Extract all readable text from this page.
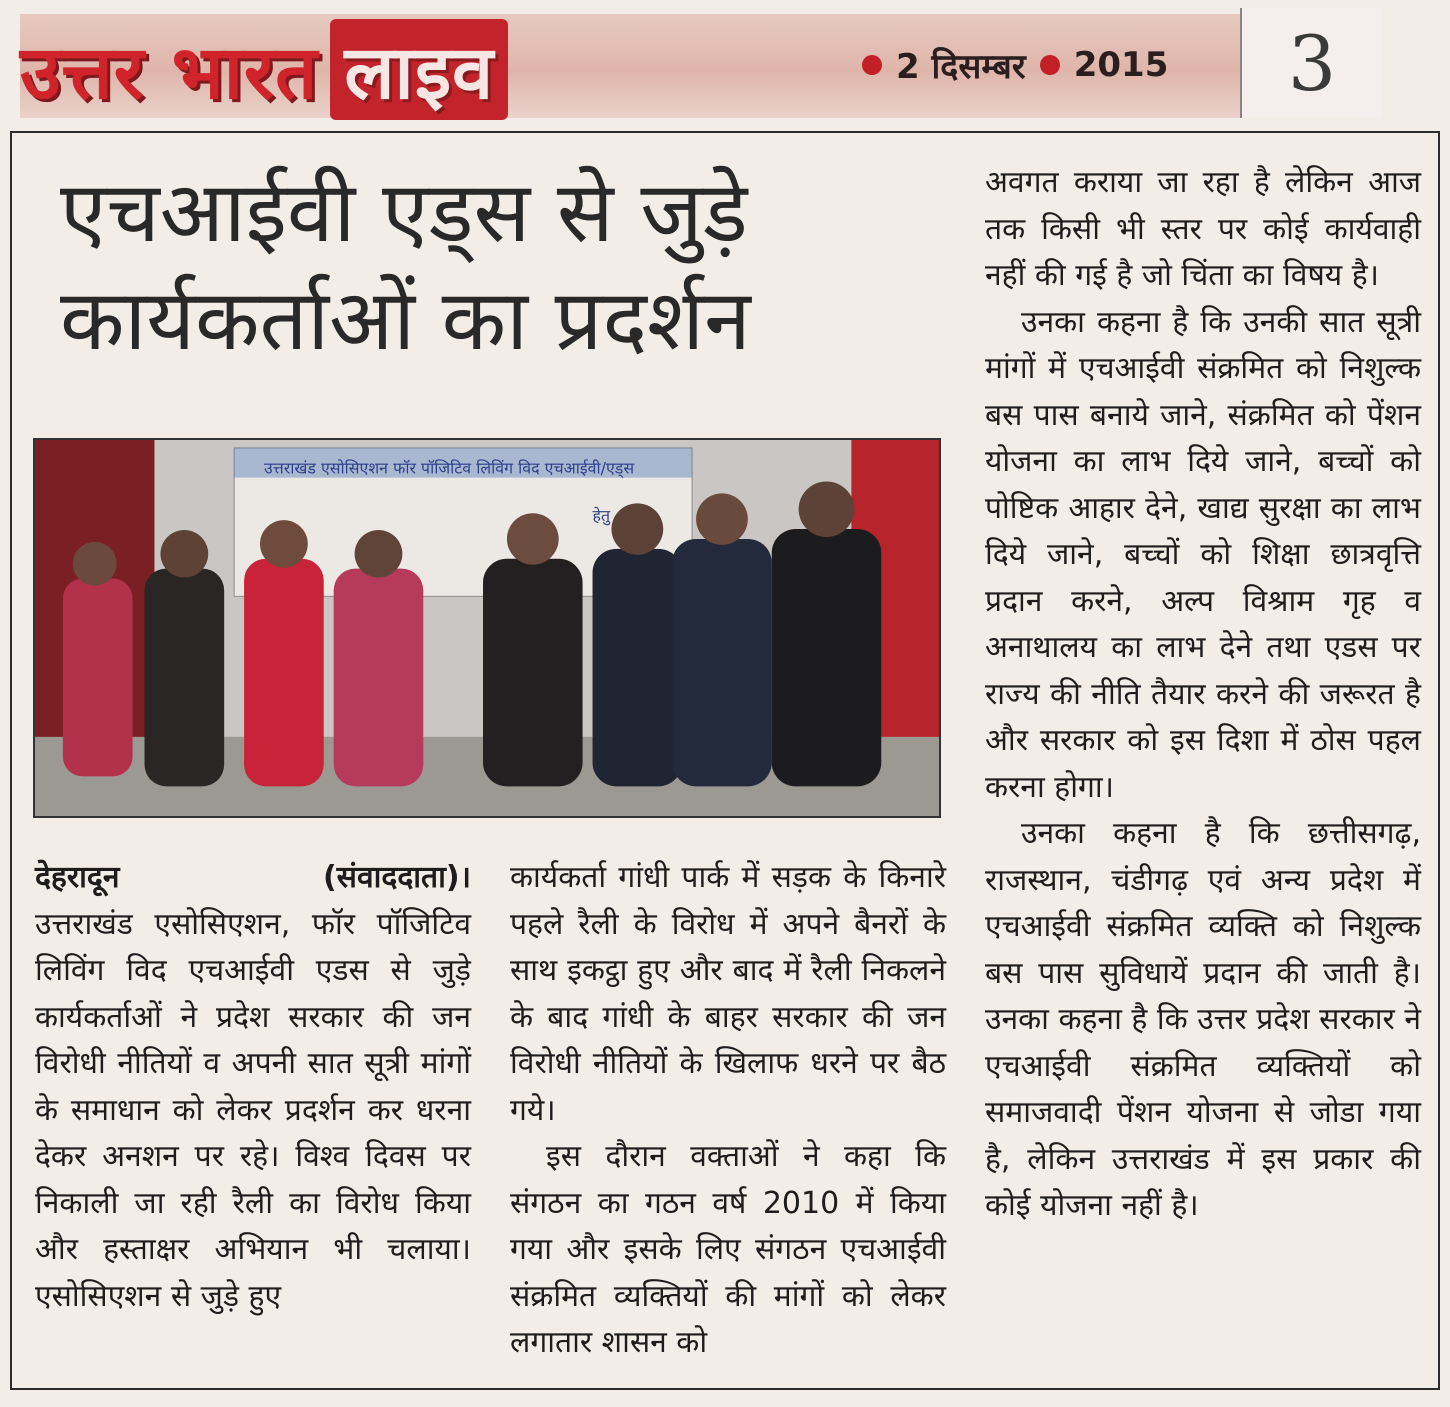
उत्तर भारत लाइव	2 दिसम्बर 2015	3
एचआईवी एड्स से जुड़े
कार्यकर्ताओं का प्रदर्शन
उत्तराखंड एसोसिएशन फॉर पॉजिटिव लिविंग विद एचआईवी/एड्स
हेतु
देहरादून	(संवाददाता)।

उत्तराखंड एसोसिएशन, फॉर पॉजिटिव लिविंग विद एचआईवी एडस से जुड़े कार्यकर्ताओं ने प्रदेश सरकार की जन विरोधी नीतियों व अपनी सात सूत्री मांगों के समाधान को लेकर प्रदर्शन कर धरना देकर अनशन पर रहे। विश्व दिवस पर निकाली जा रही रैली का विरोध किया और हस्ताक्षर अभियान भी चलाया। एसोसिएशन से जुड़े हुए

कार्यकर्ता गांधी पार्क में सड़क के किनारे पहले रैली के विरोध में अपने बैनरों के साथ इकट्ठा हुए और बाद में रैली निकलने के बाद गांधी के बाहर सरकार की जन विरोधी नीतियों के खिलाफ धरने पर बैठ गये।

इस दौरान वक्ताओं ने कहा कि संगठन का गठन वर्ष 2010 में किया गया और इसके लिए संगठन एचआईवी संक्रमित व्यक्तियों की मांगों को लेकर लगातार शासन को

अवगत कराया जा रहा है लेकिन आज तक किसी भी स्तर पर कोई कार्यवाही नहीं की गई है जो चिंता का विषय है।

उनका कहना है कि उनकी सात सूत्री मांगों में एचआईवी संक्रमित को निशुल्क बस पास बनाये जाने, संक्रमित को पेंशन योजना का लाभ दिये जाने, बच्चों को पोष्टिक आहार देने, खाद्य सुरक्षा का लाभ दिये जाने, बच्चों को शिक्षा छात्रवृत्ति प्रदान करने, अल्प विश्राम गृह व अनाथालय का लाभ देने तथा एडस पर राज्य की नीति तैयार करने की जरूरत है और सरकार को इस दिशा में ठोस पहल करना होगा।

उनका कहना है कि छत्तीसगढ़, राजस्थान, चंडीगढ़ एवं अन्य प्रदेश में एचआईवी संक्रमित व्यक्ति को निशुल्क बस पास सुविधायें प्रदान की जाती है। उनका कहना है कि उत्तर प्रदेश सरकार ने एचआईवी संक्रमित व्यक्तियों को समाजवादी पेंशन योजना से जोडा गया है, लेकिन उत्तराखंड में इस प्रकार की कोई योजना नहीं है।
